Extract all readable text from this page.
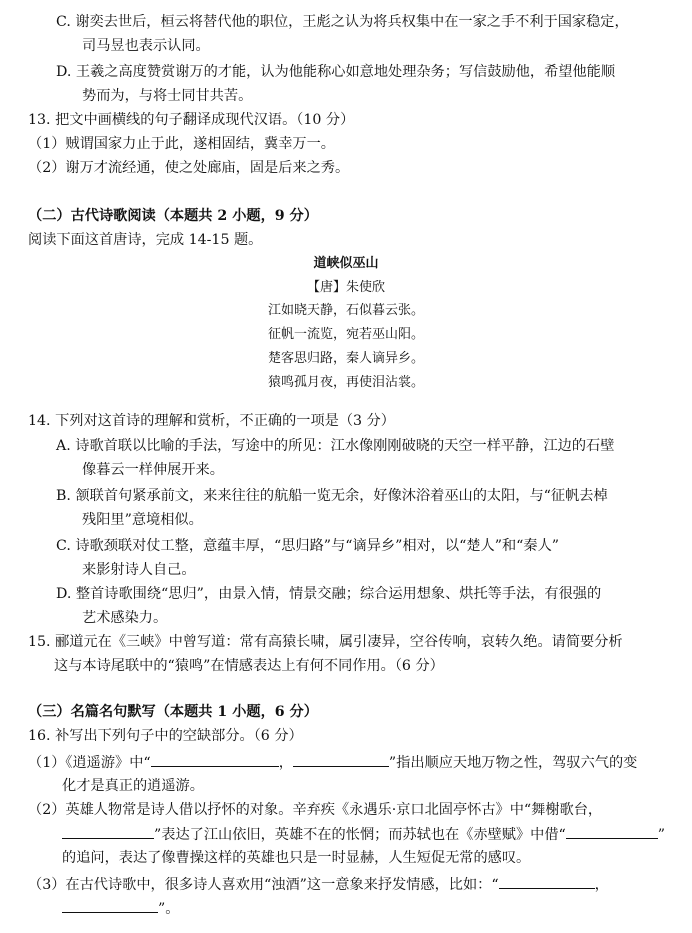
C. 谢奕去世后，桓云将替代他的职位，王彪之认为将兵权集中在一家之手不利于国家稳定，
司马昱也表示认同。
D. 王羲之高度赞赏谢万的才能，认为他能称心如意地处理杂务；写信鼓励他，希望他能顺
势而为，与将士同甘共苦。
13. 把文中画横线的句子翻译成现代汉语。（10 分）
（1）贼谓国家力止于此，遂相固结，冀幸万一。
（2）谢万才流经通，使之处廊庙，固是后来之秀。
（二）古代诗歌阅读（本题共 2 小题，9 分）
阅读下面这首唐诗，完成 14-15 题。
道峡似巫山
【唐】朱使欣
江如晓天静，石似暮云张。
征帆一流览，宛若巫山阳。
楚客思归路，秦人谪异乡。
猿鸣孤月夜，再使泪沾裳。
14. 下列对这首诗的理解和赏析，不正确的一项是（3 分）
A. 诗歌首联以比喻的手法，写途中的所见：江水像刚刚破晓的天空一样平静，江边的石壁
像暮云一样伸展开来。
B. 颔联首句紧承前文，来来往往的航船一览无余，好像沐浴着巫山的太阳，与“征帆去棹
残阳里”意境相似。
C. 诗歌颈联对仗工整，意蕴丰厚，“思归路”与“谪异乡”相对，以“楚人”和“秦人”
来影射诗人自己。
D. 整首诗歌围绕“思归”，由景入情，情景交融；综合运用想象、烘托等手法，有很强的
艺术感染力。
15. 郦道元在《三峡》中曾写道：常有高猿长啸，属引凄异，空谷传响，哀转久绝。请简要分析
这与本诗尾联中的“猿鸣”在情感表达上有何不同作用。（6 分）
（三）名篇名句默写（本题共 1 小题，6 分）
16. 补写出下列句子中的空缺部分。（6 分）
（1）《逍遥游》中“	，	”指出顺应天地万物之性，驾驭六气的变
化才是真正的逍遥游。
（2）英雄人物常是诗人借以抒怀的对象。辛弃疾《永遇乐·京口北固亭怀古》中“舞榭歌台，
”表达了江山依旧，英雄不在的怅惘；而苏轼也在《赤壁赋》中借“	”
的追问，表达了像曹操这样的英雄也只是一时显赫，人生短促无常的感叹。
（3）在古代诗歌中，很多诗人喜欢用“浊酒”这一意象来抒发情感，比如：“	，
”。
